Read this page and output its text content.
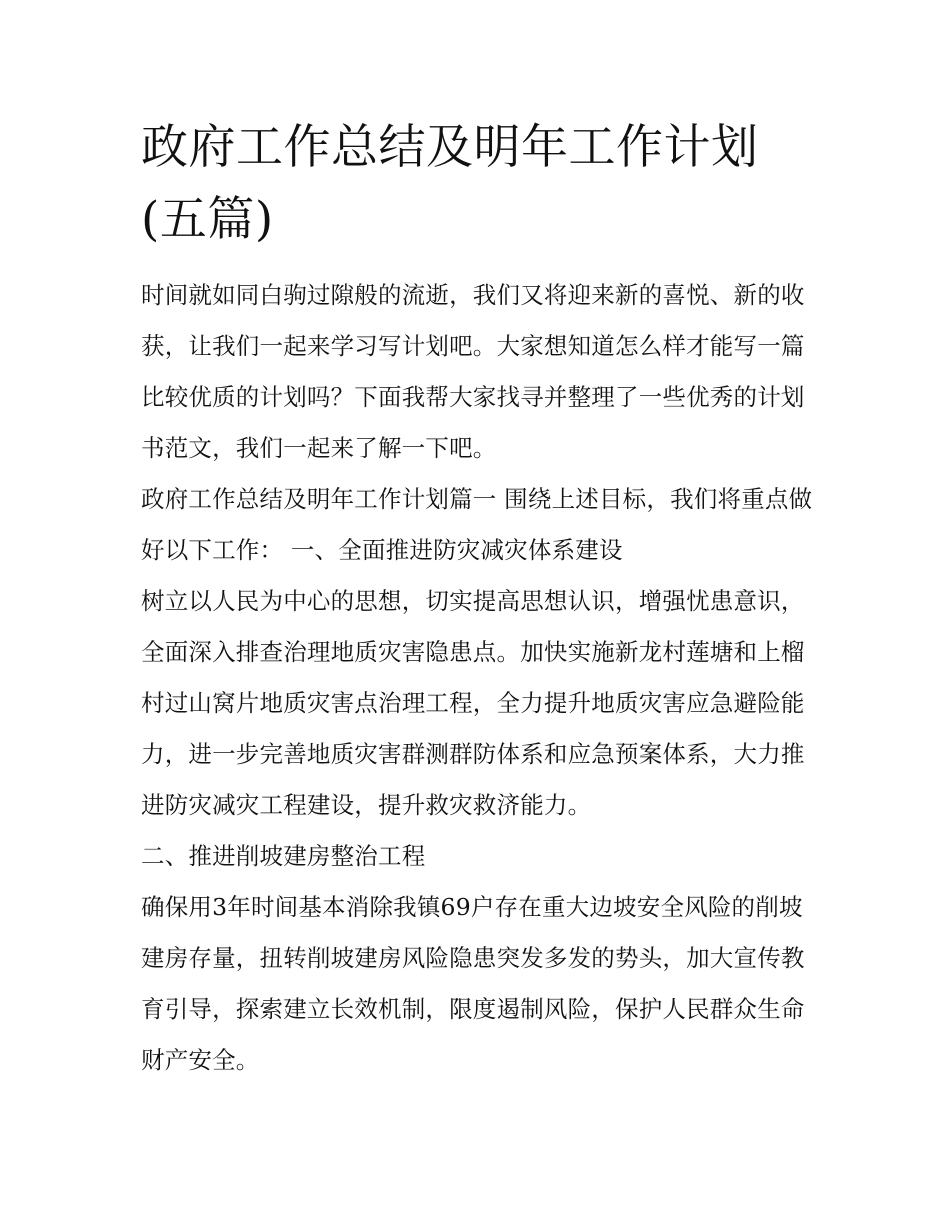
政府工作总结及明年工作计划(五篇)

时间就如同白驹过隙般的流逝，我们又将迎来新的喜悦、新的收获，让我们一起来学习写计划吧。大家想知道怎么样才能写一篇比较优质的计划吗？下面我帮大家找寻并整理了一些优秀的计划书范文，我们一起来了解一下吧。

政府工作总结及明年工作计划篇一 围绕上述目标，我们将重点做好以下工作： 一、全面推进防灾减灾体系建设

树立以人民为中心的思想，切实提高思想认识，增强忧患意识，全面深入排查治理地质灾害隐患点。加快实施新龙村莲塘和上榴村过山窝片地质灾害点治理工程，全力提升地质灾害应急避险能力，进一步完善地质灾害群测群防体系和应急预案体系，大力推进防灾减灾工程建设，提升救灾救济能力。

二、推进削坡建房整治工程

确保用3年时间基本消除我镇69户存在重大边坡安全风险的削坡建房存量，扭转削坡建房风险隐患突发多发的势头，加大宣传教育引导，探索建立长效机制，限度遏制风险，保护人民群众生命财产安全。
